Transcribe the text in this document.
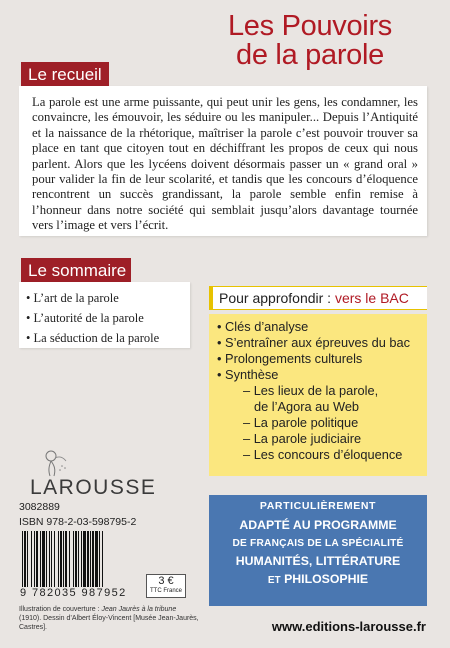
Les Pouvoirs
de la parole
Le recueil
La parole est une arme puissante, qui peut unir les gens, les condamner, les convaincre, les émouvoir, les séduire ou les manipuler... Depuis l’Antiquité et la naissance de la rhétorique, maîtriser la parole c’est pouvoir trouver sa place en tant que citoyen tout en déchiffrant les propos de ceux qui nous parlent. Alors que les lycéens doivent désormais passer un « grand oral » pour valider la fin de leur scolarité, et tandis que les concours d’éloquence rencontrent un succès grandissant, la parole semble enfin remise à l’honneur dans notre société qui semblait jusqu’alors davantage tournée vers l’image et vers l’écrit.
Le sommaire
• L’art de la parole
• L’autorité de la parole
• La séduction de la parole
Pour approfondir : vers le BAC
• Clés d’analyse
• S’entraîner aux épreuves du bac
• Prolongements culturels
• Synthèse
– Les lieux de la parole,
de l’Agora au Web
– La parole politique
– La parole judiciaire
– Les concours d’éloquence
LAROUSSE
PARTICULIÈREMENT
ADAPTÉ AU PROGRAMME
DE FRANÇAIS DE LA SPÉCIALITÉ
HUMANITÉS, LITTÉRATURE
ET PHILOSOPHIE
3082889
ISBN 978-2-03-598795-2
9 782035 987952
3 €
TTC France
Illustration de couverture : Jean Jaurès à la tribune (1910). Dessin d’Albert Éloy-Vincent [Musée Jean-Jaurès, Castres].	www.editions-larousse.fr
